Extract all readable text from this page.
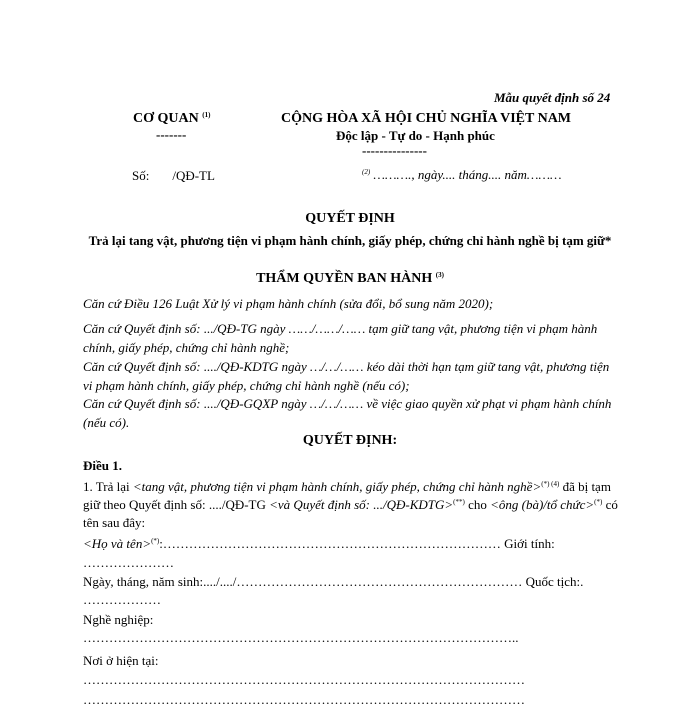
Mẫu quyết định số 24
CƠ QUAN $^{(1)}$
-------
CỘNG HÒA XÃ HỘI CHỦ NGHĨA VIỆT NAM
Độc lập - Tự do - Hạnh phúc
---------------
Số: /QĐ-TL	$^{(2)}$ ………., ngày.... tháng.... năm………
QUYẾT ĐỊNH
Trả lại tang vật, phương tiện vi phạm hành chính, giấy phép, chứng chỉ hành nghề bị tạm giữ*
THẨM QUYỀN BAN HÀNH $^{(3)}$
Căn cứ Điều 126 Luật Xử lý vi phạm hành chính (sửa đổi, bổ sung năm 2020);
Căn cứ Quyết định số: .../QĐ-TG ngày ……/……/…… tạm giữ tang vật, phương tiện vi phạm hành chính, giấy phép, chứng chỉ hành nghề;
Căn cứ Quyết định số: ..../QĐ-KDTG ngày …/…/…… kéo dài thời hạn tạm giữ tang vật, phương tiện vi phạm hành chính, giấy phép, chứng chỉ hành nghề (nếu có);
Căn cứ Quyết định số: ..../QĐ-GQXP ngày …/…/…… về việc giao quyền xử phạt vi phạm hành chính (nếu có).
QUYẾT ĐỊNH:
Điều 1.
1. Trả lại <tang vật, phương tiện vi phạm hành chính, giấy phép, chứng chỉ hành nghề>$^{(*) (4)}$ đã bị tạm giữ theo Quyết định số: ..../QĐ-TG <và Quyết định số: .../QĐ-KDTG>(**) cho <ông (bà)/tổ chức>(*) có tên sau đây:
<Họ và tên>(*):…………………………………………………………………… Giới tính:
…………………
Ngày, tháng, năm sinh:..../..../………………………………………………………… Quốc tịch:.
………………
Nghề nghiệp:
………………………………………………………………………………………..
Nơi ở hiện tại:
…………………………………………………………………………………………
…………………………………………………………………………………………
